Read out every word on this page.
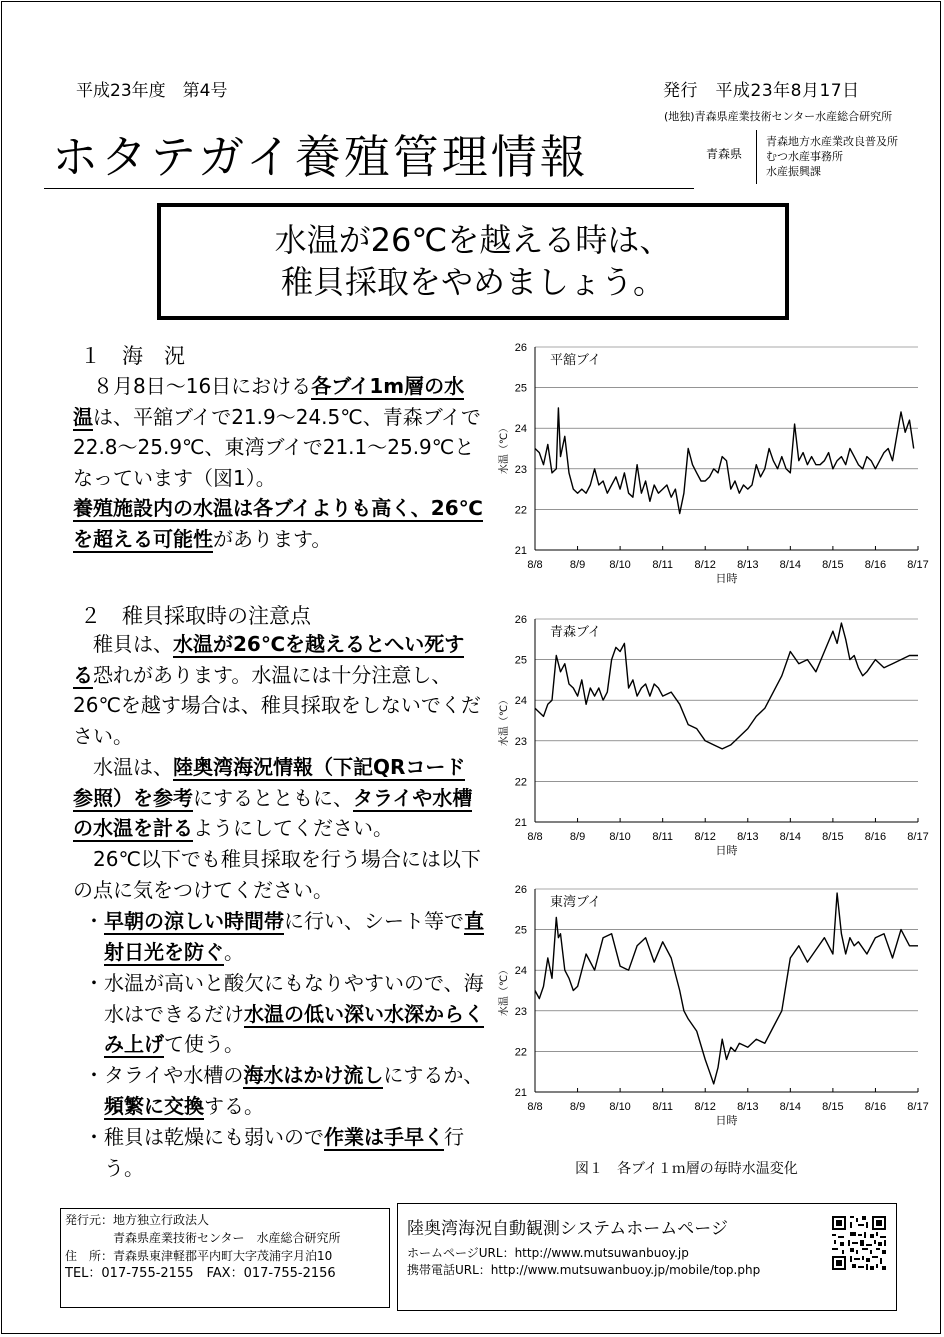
平成23年度　第4号	発行　平成23年8月17日
(地独)青森県産業技術センター水産総合研究所
ホタテガイ養殖管理情報	青森県
青森地方水産業改良普及所
むつ水産事務所
水産振興課
水温が26℃を越える時は、
稚貝採取をやめましょう。
１　海　況
８月8日～16日における各ブイ1m層の水温は、平舘ブイで21.9～24.5℃、青森ブイで22.8～25.9℃、東湾ブイで21.1～25.9℃となっています（図1）。
養殖施設内の水温は各ブイよりも高く、26℃を超える可能性があります。
２　稚貝採取時の注意点
稚貝は、水温が26℃を越えるとへい死する恐れがあります。水温には十分注意し、26℃を越す場合は、稚貝採取をしないでください。
水温は、陸奥湾海況情報（下記QRコード参照）を参考にするとともに、タライや水槽の水温を計るようにしてください。
26℃以下でも稚貝採取を行う場合には以下の点に気をつけてください。
・早朝の涼しい時間帯に行い、シート等で直射日光を防ぐ。
・水温が高いと酸欠にもなりやすいので、海水はできるだけ水温の低い深い水深からくみ上げて使う。
・タライや水槽の海水はかけ流しにするか、頻繁に交換する。
・稚貝は乾燥にも弱いので作業は手早く行う。
21
22
23
24
25
26
8/8 8/9 8/10 8/11 8/12 8/13 8/14 8/15 8/16 8/17
日時
水温（℃）
平舘ブイ
21
22
23
24
25
26
8/8 8/9 8/10 8/11 8/12 8/13 8/14 8/15 8/16 8/17
日時
水温（℃）
青森ブイ
21
22
23
24
25
26
8/8 8/9 8/10 8/11 8/12 8/13 8/14 8/15 8/16 8/17
日時
水温（℃）
東湾ブイ
図１　各ブイ１ｍ層の毎時水温変化
発行元：地方独立行政法人
　　　　青森県産業技術センター　水産総合研究所
住　所：青森県東津軽郡平内町大字茂浦字月泊10
TEL：017-755-2155　FAX：017-755-2156
陸奥湾海況自動観測システムホームページ
ホームページURL：http://www.mutsuwanbuoy.jp
携帯電話URL：http://www.mutsuwanbuoy.jp/mobile/top.php
